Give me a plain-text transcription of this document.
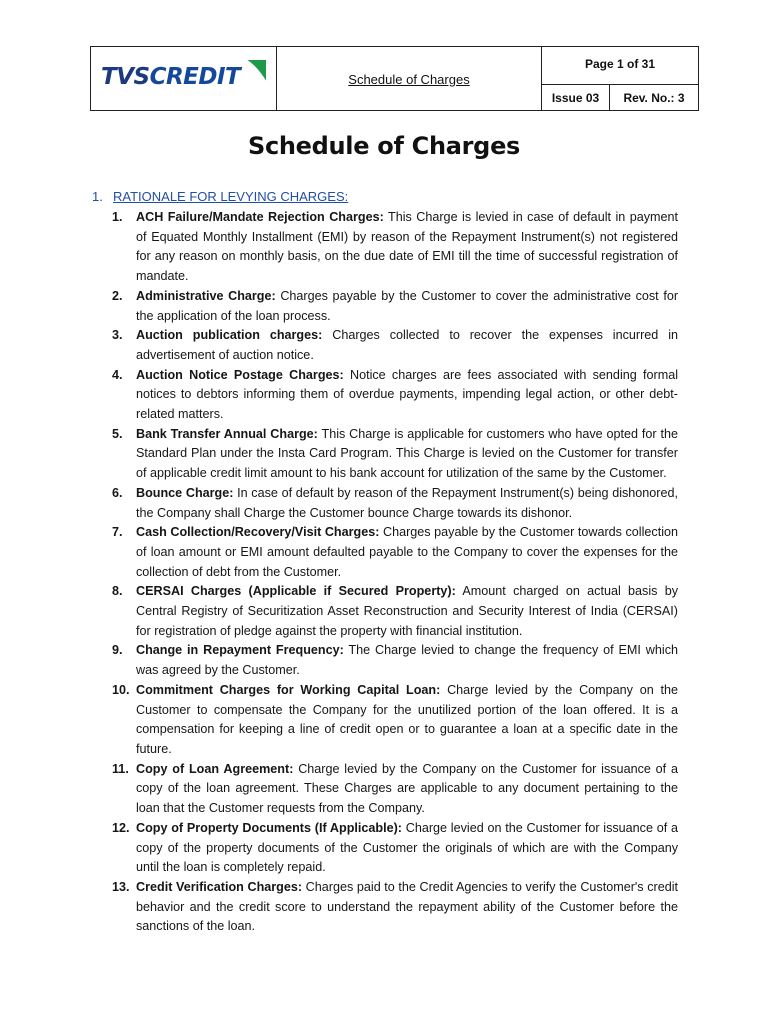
TVSCREDIT	Schedule of Charges
Page 1 of 31
Issue 03	Rev. No.: 3
Schedule of Charges
1. RATIONALE FOR LEVYING CHARGES:
1.	ACH Failure/Mandate Rejection Charges: This Charge is levied in case of default in payment of Equated Monthly Installment (EMI) by reason of the Repayment Instrument(s) not registered for any reason on monthly basis, on the due date of EMI till the time of successful registration of mandate.
2.	Administrative Charge: Charges payable by the Customer to cover the administrative cost for the application of the loan process.
3.	Auction publication charges: Charges collected to recover the expenses incurred in advertisement of auction notice.
4.	Auction Notice Postage Charges: Notice charges are fees associated with sending formal notices to debtors informing them of overdue payments, impending legal action, or other debt-related matters.
5.	Bank Transfer Annual Charge: This Charge is applicable for customers who have opted for the Standard Plan under the Insta Card Program. This Charge is levied on the Customer for transfer of applicable credit limit amount to his bank account for utilization of the same by the Customer.
6.	Bounce Charge: In case of default by reason of the Repayment Instrument(s) being dishonored, the Company shall Charge the Customer bounce Charge towards its dishonor.
7.	Cash Collection/Recovery/Visit Charges: Charges payable by the Customer towards collection of loan amount or EMI amount defaulted payable to the Company to cover the expenses for the collection of debt from the Customer.
8.	CERSAI Charges (Applicable if Secured Property): Amount charged on actual basis by Central Registry of Securitization Asset Reconstruction and Security Interest of India (CERSAI) for registration of pledge against the property with financial institution.
9.	Change in Repayment Frequency: The Charge levied to change the frequency of EMI which was agreed by the Customer.
10. Commitment Charges for Working Capital Loan: Charge levied by the Company on the Customer to compensate the Company for the unutilized portion of the loan offered. It is a compensation for keeping a line of credit open or to guarantee a loan at a specific date in the future.
11. Copy of Loan Agreement: Charge levied by the Company on the Customer for issuance of a copy of the loan agreement. These Charges are applicable to any document pertaining to the loan that the Customer requests from the Company.
12. Copy of Property Documents (If Applicable): Charge levied on the Customer for issuance of a copy of the property documents of the Customer the originals of which are with the Company until the loan is completely repaid.
13. Credit Verification Charges: Charges paid to the Credit Agencies to verify the Customer's credit behavior and the credit score to understand the repayment ability of the Customer before the sanctions of the loan.
